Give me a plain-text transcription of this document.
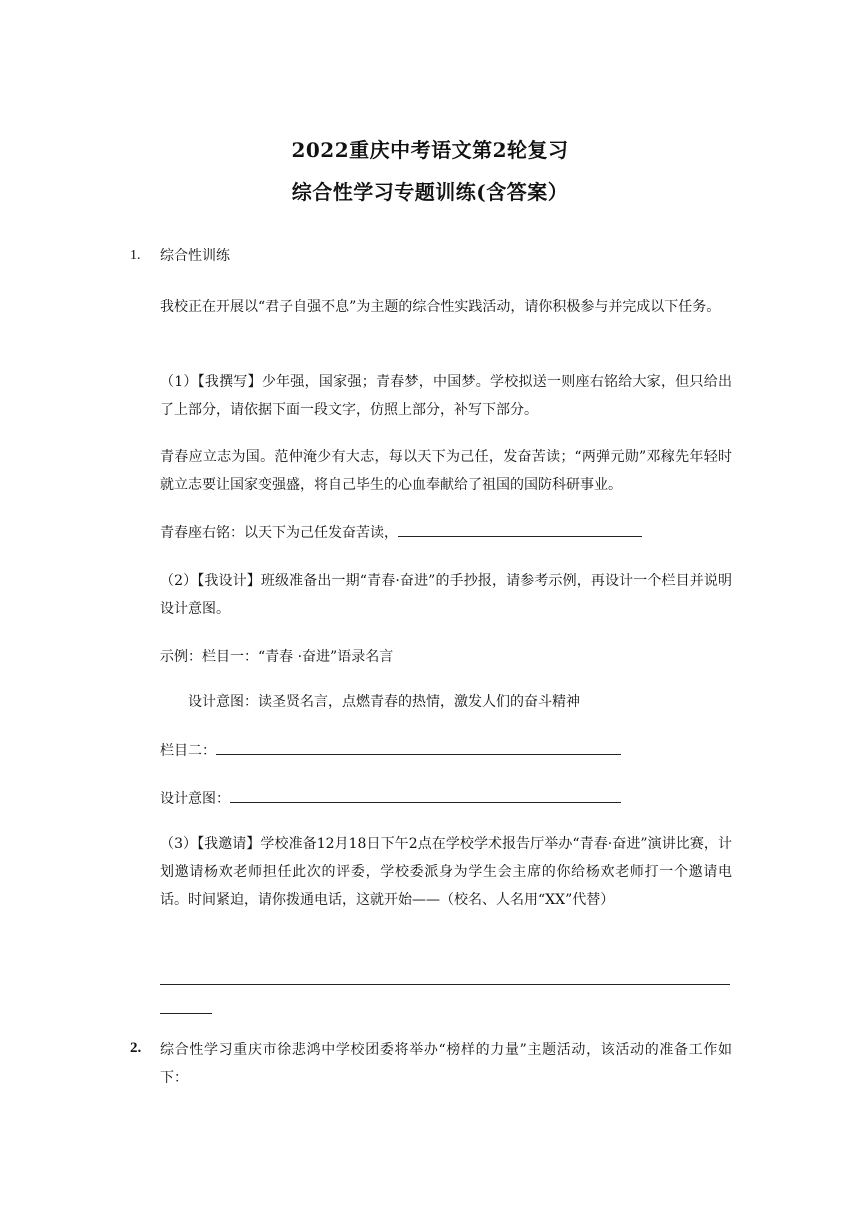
2022重庆中考语文第2轮复习
综合性学习专题训练(含答案）
1. 综合性训练
我校正在开展以“君子自强不息”为主题的综合性实践活动，请你积极参与并完成以下任务。
（1）【我撰写】少年强，国家强；青春梦，中国梦。学校拟送一则座右铭给大家，但只给出了上部分，请依据下面一段文字，仿照上部分，补写下部分。
青春应立志为国。范仲淹少有大志，每以天下为己任，发奋苦读；“两弹元勋”邓稼先年轻时就立志要让国家变强盛，将自己毕生的心血奉献给了祖国的国防科研事业。
青春座右铭：以天下为己任发奋苦读，
（2）【我设计】班级准备出一期“青春·奋进”的手抄报，请参考示例，再设计一个栏目并说明设计意图。
示例：栏目一：“青春 ·奋进”语录名言
设计意图：读圣贤名言，点燃青春的热情，激发人们的奋斗精神
栏目二：
设计意图：
（3）【我邀请】学校准备12月18日下午2点在学校学术报告厅举办“青春·奋进”演讲比赛，计划邀请杨欢老师担任此次的评委，学校委派身为学生会主席的你给杨欢老师打一个邀请电话。时间紧迫，请你拨通电话，这就开始——（校名、人名用“XX”代替）
2. 综合性学习重庆市徐悲鸿中学校团委将举办“榜样的力量”主题活动，该活动的准备工作如下：
